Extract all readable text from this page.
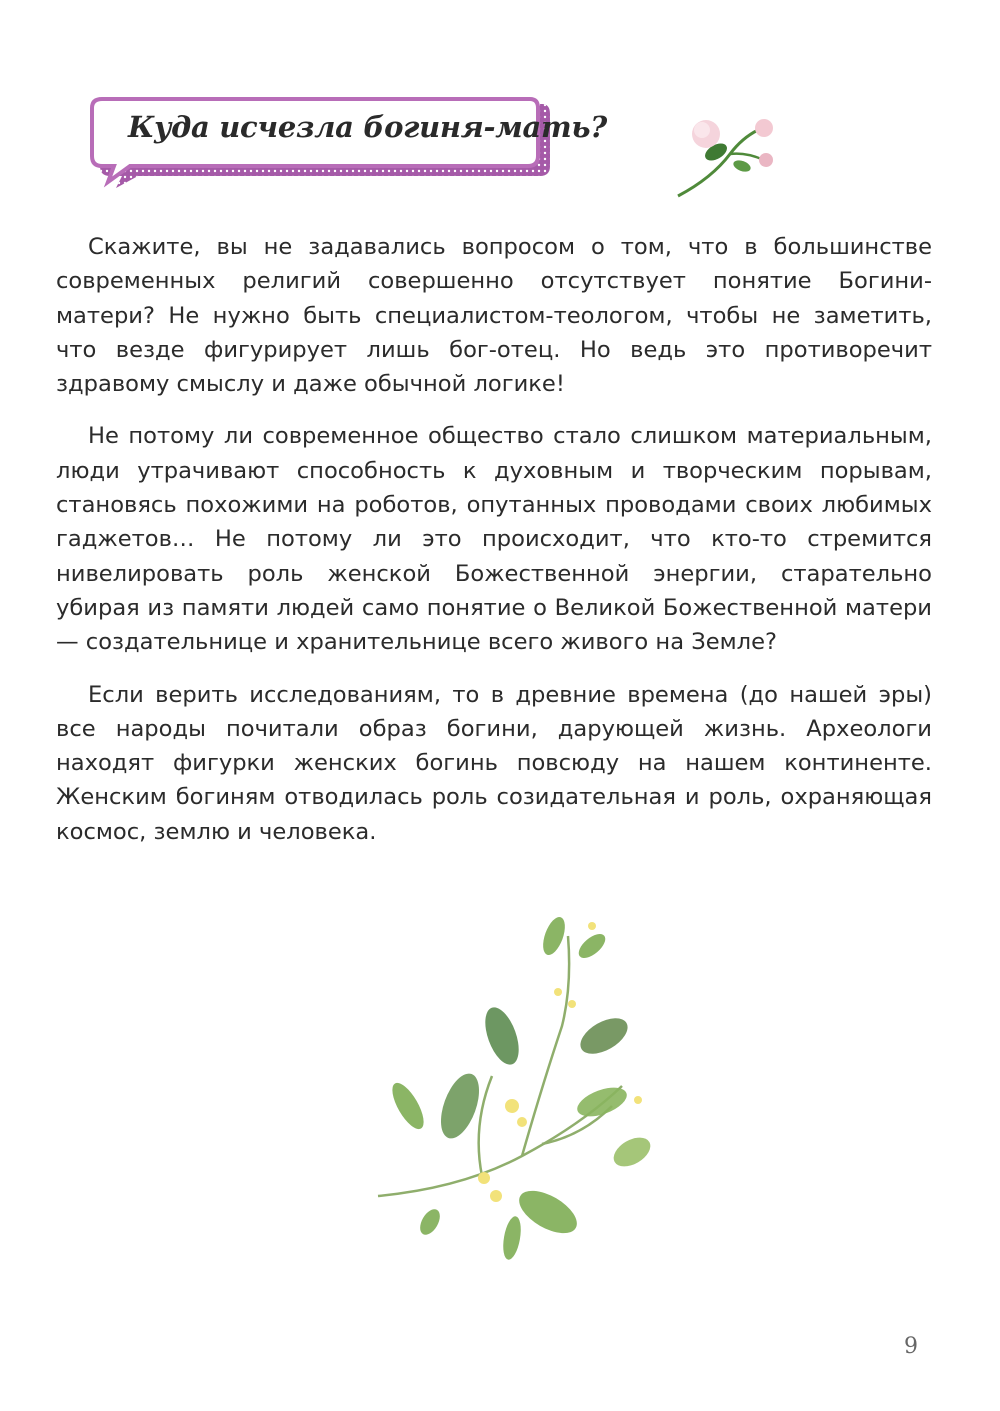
Куда исчезла богиня-мать?

Скажите, вы не задавались вопросом о том, что в большинстве современных религий совершенно отсутствует понятие Богини-матери? Не нужно быть специалистом-теологом, чтобы не заметить, что везде фигурирует лишь бог-отец. Но ведь это противоречит здравому смыслу и даже обычной логике!

Не потому ли современное общество стало слишком материальным, люди утрачивают способность к духовным и творческим порывам, становясь похожими на роботов, опутанных проводами своих любимых гаджетов… Не потому ли это происходит, что кто-то стремится нивелировать роль женской Божественной энергии, старательно убирая из памяти людей само понятие о Великой Божественной матери — создательнице и хранительнице всего живого на Земле?

Если верить исследованиям, то в древние времена (до нашей эры) все народы почитали образ богини, дарующей жизнь. Археологи находят фигурки женских богинь повсюду на нашем континенте. Женским богиням отводилась роль созидательная и роль, охраняющая космос, землю и человека.

9
